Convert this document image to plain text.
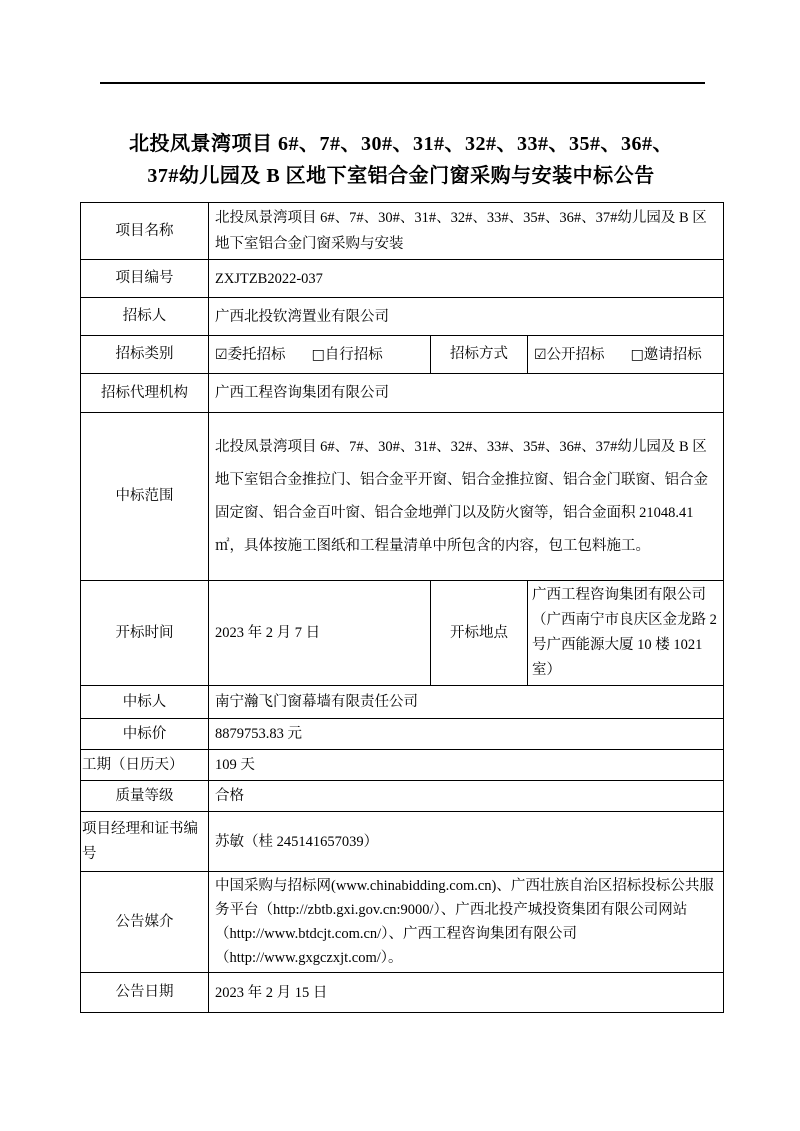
北投凤景湾项目 6#、7#、30#、31#、32#、33#、35#、36#、
37#幼儿园及 B 区地下室铝合金门窗采购与安装中标公告
项目名称	北投凤景湾项目 6#、7#、30#、31#、32#、33#、35#、36#、37#幼儿园及 B 区地下室铝合金门窗采购与安装		
项目编号	ZXJTZB2022-037		
招标人	广西北投钦湾置业有限公司		
招标类别	☑委托招标 □自行招标	招标方式	☑公开招标 □邀请招标
招标代理机构	广西工程咨询集团有限公司		
中标范围	北投凤景湾项目 6#、7#、30#、31#、32#、33#、35#、36#、37#幼儿园及 B 区地下室铝合金推拉门、铝合金平开窗、铝合金推拉窗、铝合金门联窗、铝合金固定窗、铝合金百叶窗、铝合金地弹门以及防火窗等，铝合金面积 21048.41 ㎡，具体按施工图纸和工程量清单中所包含的内容，包工包料施工。		
开标时间	2023 年 2 月 7 日	开标地点	广西工程咨询集团有限公司（广西南宁市良庆区金龙路 2 号广西能源大厦 10 楼 1021 室）
中标人	南宁瀚飞门窗幕墙有限责任公司		
中标价	8879753.83 元		
工期（日历天）	109 天		
质量等级	合格		
项目经理和证书编号	苏敏（桂 245141657039）		
公告媒介	中国采购与招标网(www.chinabidding.com.cn)、广西壮族自治区招标投标公共服务平台（http://zbtb.gxi.gov.cn:9000/）、广西北投产城投资集团有限公司网站（http://www.btdcjt.com.cn/）、广西工程咨询集团有限公司（http://www.gxgczxjt.com/）。		
公告日期	2023 年 2 月 15 日		
